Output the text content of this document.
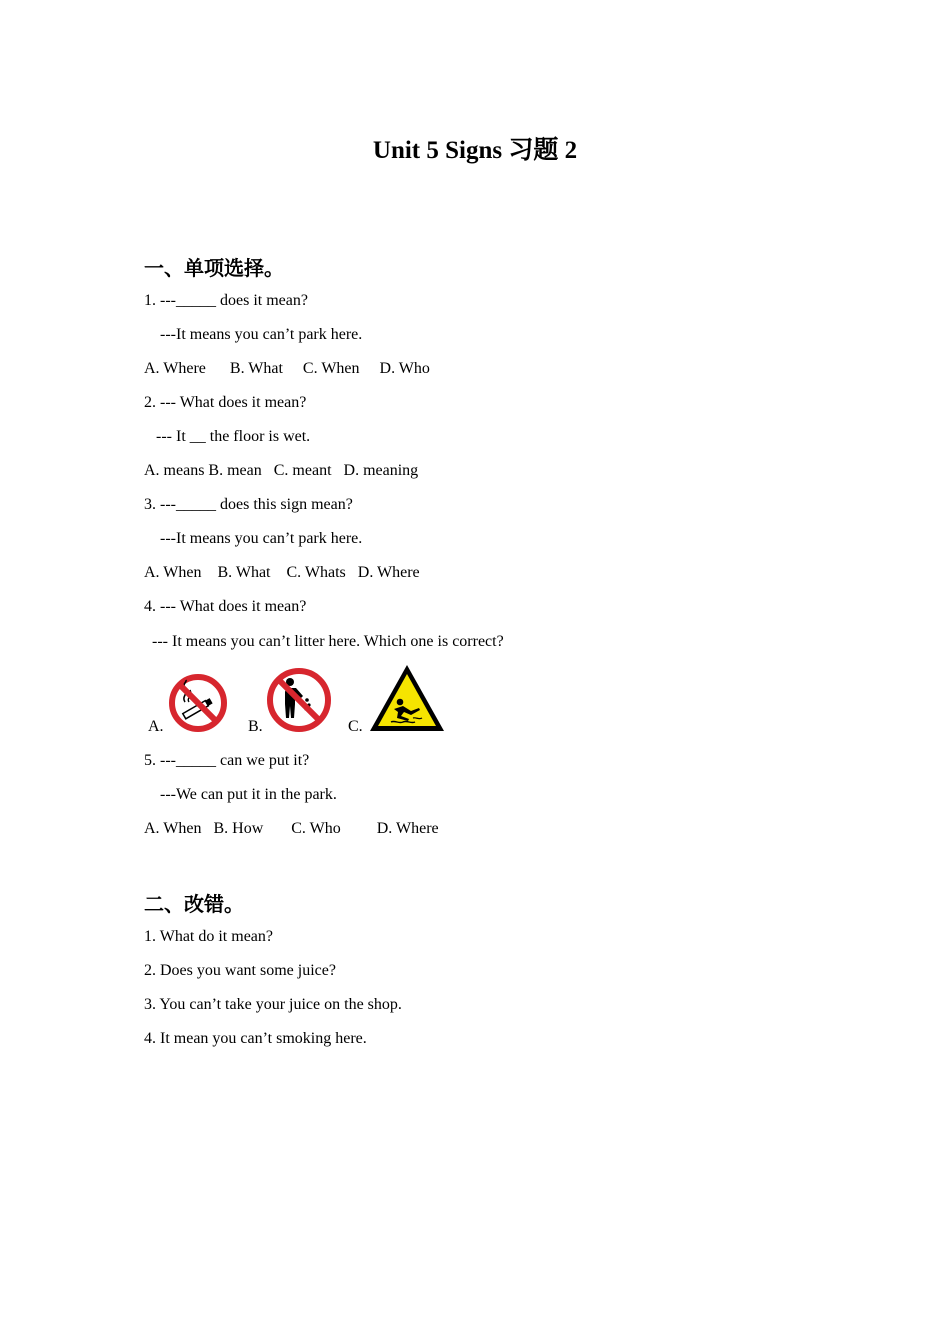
Unit 5 Signs 习题 2
一、单项选择。
1. ---_____ does it mean?
---It means you can’t park here.
A. Where      B. What     C. When     D. Who
2. --- What does it mean?
--- It __ the floor is wet.
A. means B. mean   C. meant   D. meaning
3. ---_____ does this sign mean?
---It means you can’t park here.
A. When    B. What    C. Whats   D. Where
4. --- What does it mean?
--- It means you can’t litter here. Which one is correct?
A.	B.	C.
5. ---_____ can we put it?
---We can put it in the park.
A. When   B. How       C. Who         D. Where
二、改错。
1. What do it mean?
2. Does you want some juice?
3. You can’t take your juice on the shop.
4. It mean you can’t smoking here.
